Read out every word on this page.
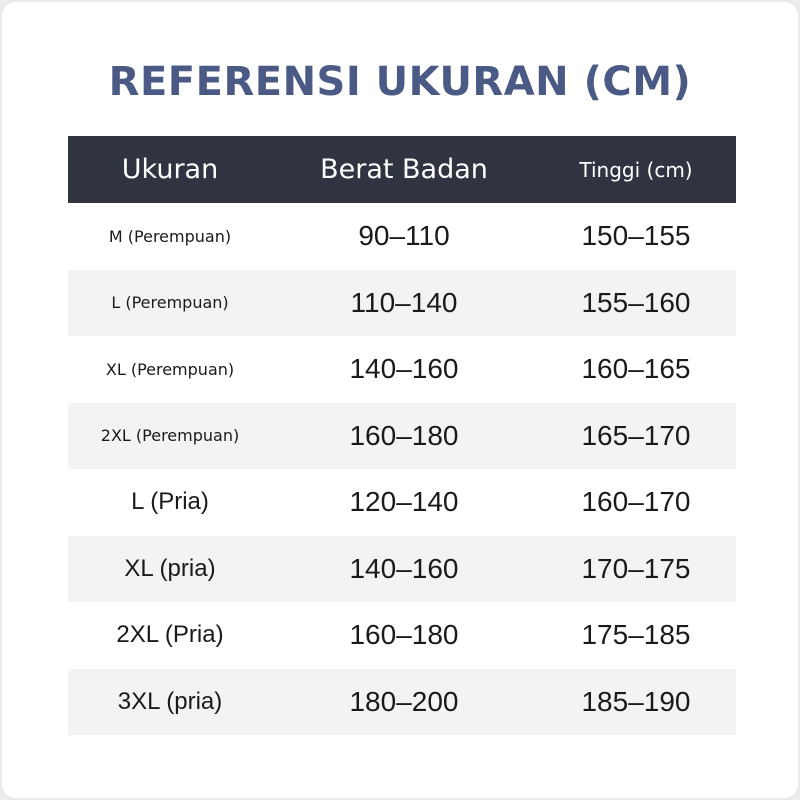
REFERENSI UKURAN (CM)
Ukuran	Berat Badan	Tinggi (cm)
M (Perempuan)	90–110	150–155
L (Perempuan)	110–140	155–160
XL (Perempuan)	140–160	160–165
2XL (Perempuan)	160–180	165–170
L (Pria)	120–140	160–170
XL (pria)	140–160	170–175
2XL (Pria)	160–180	175–185
3XL (pria)	180–200	185–190
